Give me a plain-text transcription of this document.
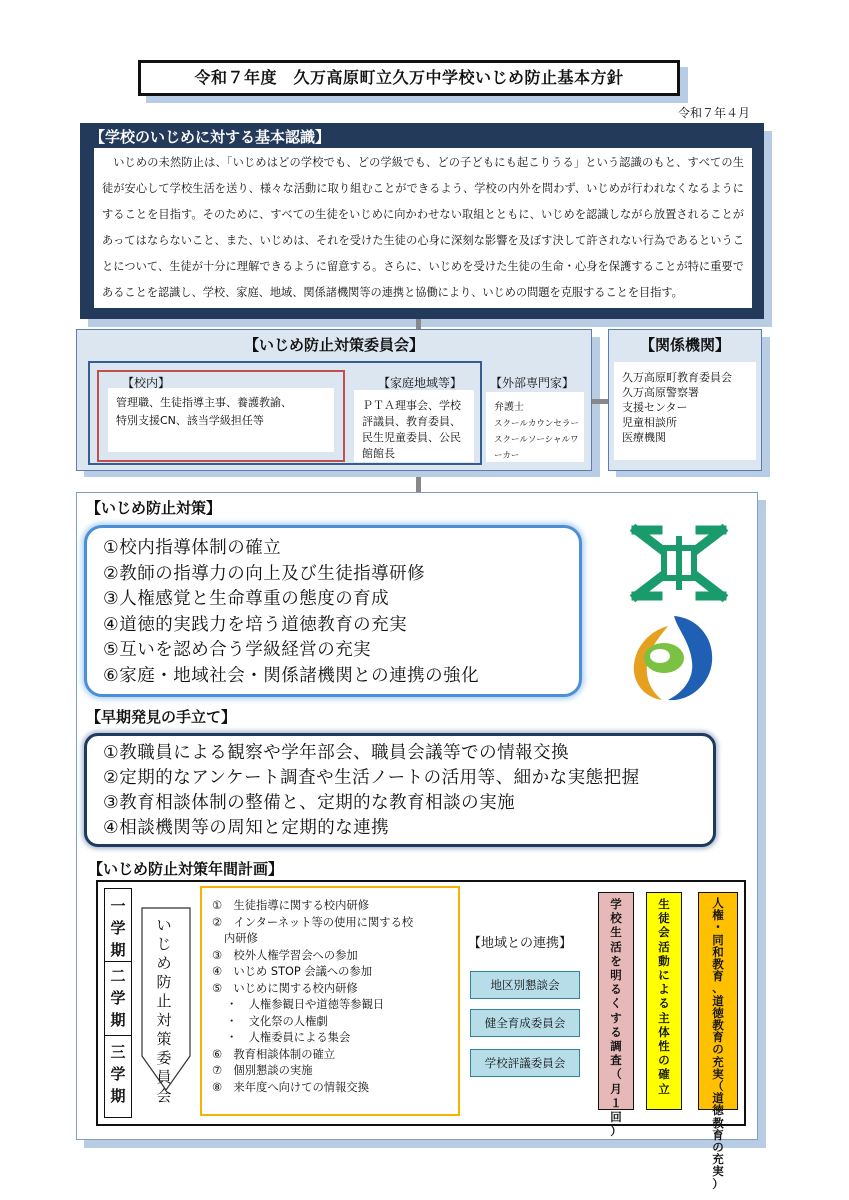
令和７年度　久万高原町立久万中学校いじめ防止基本方針
令和７年４月
【学校のいじめに対する基本認識】
いじめの未然防止は、「いじめはどの学校でも、どの学級でも、どの子どもにも起こりうる」という認識のもと、すべての生徒が安心して学校生活を送り、様々な活動に取り組むことができるよう、学校の内外を問わず、いじめが行われなくなるようにすることを目指す。そのために、すべての生徒をいじめに向かわせない取組とともに、いじめを認識しながら放置されることがあってはならないこと、また、いじめは、それを受けた生徒の心身に深刻な影響を及ぼす決して許されない行為であるということについて、生徒が十分に理解できるように留意する。さらに、いじめを受けた生徒の生命・心身を保護することが特に重要であることを認識し、学校、家庭、地域、関係諸機関等の連携と協働により、いじめの問題を克服することを目指す。
【いじめ防止対策委員会】
管理職、生徒指導主事、養護教諭、
特別支援CN、該当学級担任等
【校内】	【家庭地域等】
ＰＴＡ理事会、学校
評議員、教育委員、
民生児童委員、公民
館館長
【外部専門家】
弁護士
スクールカウンセラー
スクールソーシャルワ
ーカー
【関係機関】
久万高原町教育委員会
久万高原警察署
支援センター
児童相談所
医療機関
【いじめ防止対策】
①校内指導体制の確立
②教師の指導力の向上及び生徒指導研修
③人権感覚と生命尊重の態度の育成
④道徳的実践力を培う道徳教育の充実
⑤互いを認め合う学級経営の充実
⑥家庭・地域社会・関係諸機関との連携の強化
【早期発見の手立て】
①教職員による観察や学年部会、職員会議等での情報交換
②定期的なアンケート調査や生活ノートの活用等、細かな実態把握
③教育相談体制の整備と、定期的な教育相談の実施
④相談機関等の周知と定期的な連携
【いじめ防止対策年間計画】
一
学
期
二
学
期
三
学
期
い
じ
め
防
止
対
策
委
員
会
①　生徒指導に関する校内研修
②　インターネット等の使用に関する校
内研修
③　校外人権学習会への参加
④　いじめ STOP 会議への参加
⑤　いじめに関する校内研修
・　人権参観日や道徳等参観日
・　文化祭の人権劇
・　人権委員による集会
⑥　教育相談体制の確立
⑦　個別懇談の実施
⑧　来年度へ向けての情報交換
【地域との連携】
地区別懇談会
健全育成委員会
学校評議委員会
学
校
生
活
を
明
る
く
す
る
調
査
（
月
１
回
）
生
徒
会
活
動
に
よ
る
主
体
性
の
確
立
人
権
・
同
和
教
育
、
道
徳
教
育
の
充
実
（
道
徳
教
育
の
充
実
）
